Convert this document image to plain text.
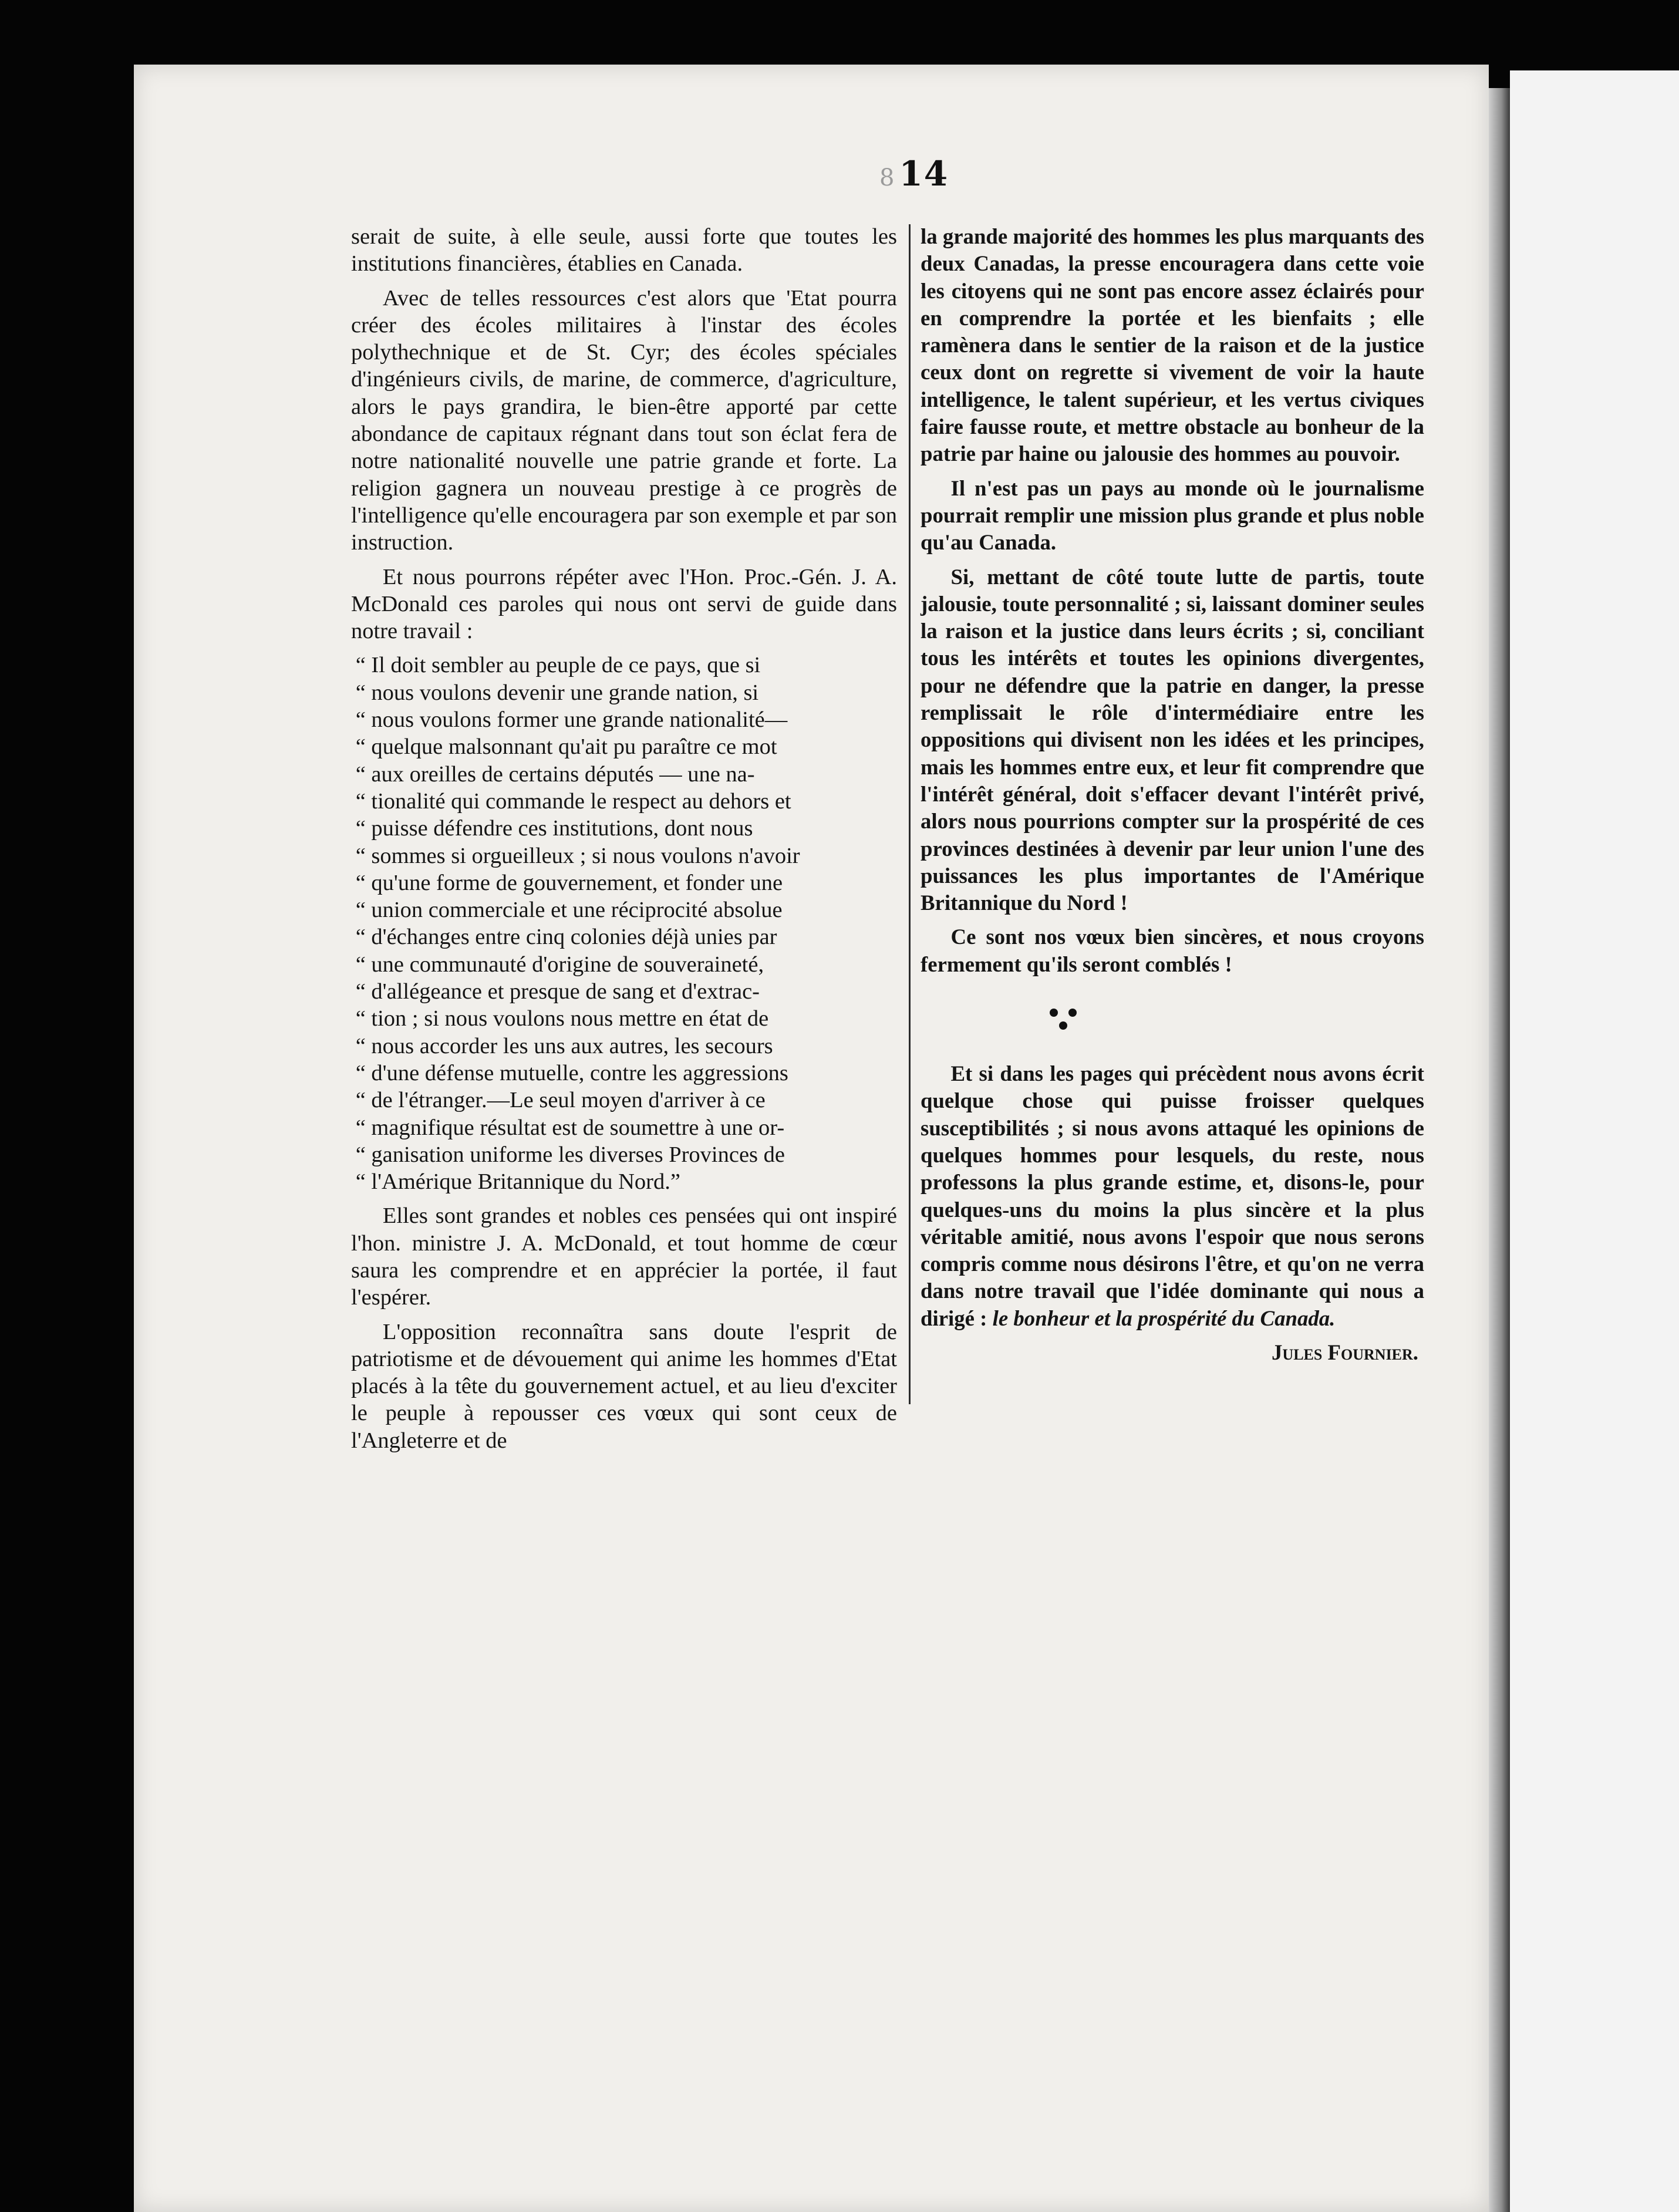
8 14

serait de suite, à elle seule, aussi forte que toutes les institutions financières, établies en Canada.

Avec de telles ressources c'est alors que 'Etat pourra créer des écoles militaires à l'instar des écoles polythechnique et de St. Cyr; des écoles spéciales d'ingénieurs civils, de marine, de commerce, d'agriculture, alors le pays grandira, le bien-être apporté par cette abondance de capitaux régnant dans tout son éclat fera de notre nationalité nouvelle une patrie grande et forte. La religion gagnera un nouveau prestige à ce progrès de l'intelligence qu'elle encouragera par son exemple et par son instruction.

Et nous pourrons répéter avec l'Hon. Proc.-Gén. J. A. McDonald ces paroles qui nous ont servi de guide dans notre travail :

“ Il doit sembler au peuple de ce pays, que si
“ nous voulons devenir une grande nation, si
“ nous voulons former une grande nationalité—
“ quelque malsonnant qu'ait pu paraître ce mot
“ aux oreilles de certains députés — une na-
“ tionalité qui commande le respect au dehors et
“ puisse défendre ces institutions, dont nous
“ sommes si orgueilleux ; si nous voulons n'avoir
“ qu'une forme de gouvernement, et fonder une
“ union commerciale et une réciprocité absolue
“ d'échanges entre cinq colonies déjà unies par
“ une communauté d'origine de souveraineté,
“ d'allégeance et presque de sang et d'extrac-
“ tion ; si nous voulons nous mettre en état de
“ nous accorder les uns aux autres, les secours
“ d'une défense mutuelle, contre les aggressions
“ de l'étranger.—Le seul moyen d'arriver à ce
“ magnifique résultat est de soumettre à une or-
“ ganisation uniforme les diverses Provinces de
“ l'Amérique Britannique du Nord.”

Elles sont grandes et nobles ces pensées qui ont inspiré l'hon. ministre J. A. McDonald, et tout homme de cœur saura les comprendre et en apprécier la portée, il faut l'espérer.

L'opposition reconnaîtra sans doute l'esprit de patriotisme et de dévouement qui anime les hommes d'Etat placés à la tête du gouvernement actuel, et au lieu d'exciter le peuple à repousser ces vœux qui sont ceux de l'Angleterre et de

la grande majorité des hommes les plus marquants des deux Canadas, la presse encouragera dans cette voie les citoyens qui ne sont pas encore assez éclairés pour en comprendre la portée et les bienfaits ; elle ramènera dans le sentier de la raison et de la justice ceux dont on regrette si vivement de voir la haute intelligence, le talent supérieur, et les vertus civiques faire fausse route, et mettre obstacle au bonheur de la patrie par haine ou jalousie des hommes au pouvoir.

Il n'est pas un pays au monde où le journalisme pourrait remplir une mission plus grande et plus noble qu'au Canada.

Si, mettant de côté toute lutte de partis, toute jalousie, toute personnalité ; si, laissant dominer seules la raison et la justice dans leurs écrits ; si, conciliant tous les intérêts et toutes les opinions divergentes, pour ne défendre que la patrie en danger, la presse remplissait le rôle d'intermédiaire entre les oppositions qui divisent non les idées et les principes, mais les hommes entre eux, et leur fit comprendre que l'intérêt général, doit s'effacer devant l'intérêt privé, alors nous pourrions compter sur la prospérité de ces provinces destinées à devenir par leur union l'une des puissances les plus importantes de l'Amérique Britannique du Nord !

Ce sont nos vœux bien sincères, et nous croyons fermement qu'ils seront comblés !

Et si dans les pages qui précèdent nous avons écrit quelque chose qui puisse froisser quelques susceptibilités ; si nous avons attaqué les opinions de quelques hommes pour lesquels, du reste, nous professons la plus grande estime, et, disons-le, pour quelques-uns du moins la plus sincère et la plus véritable amitié, nous avons l'espoir que nous serons compris comme nous désirons l'être, et qu'on ne verra dans notre travail que l'idée dominante qui nous a dirigé : le bonheur et la prospérité du Canada.

Jules Fournier.
